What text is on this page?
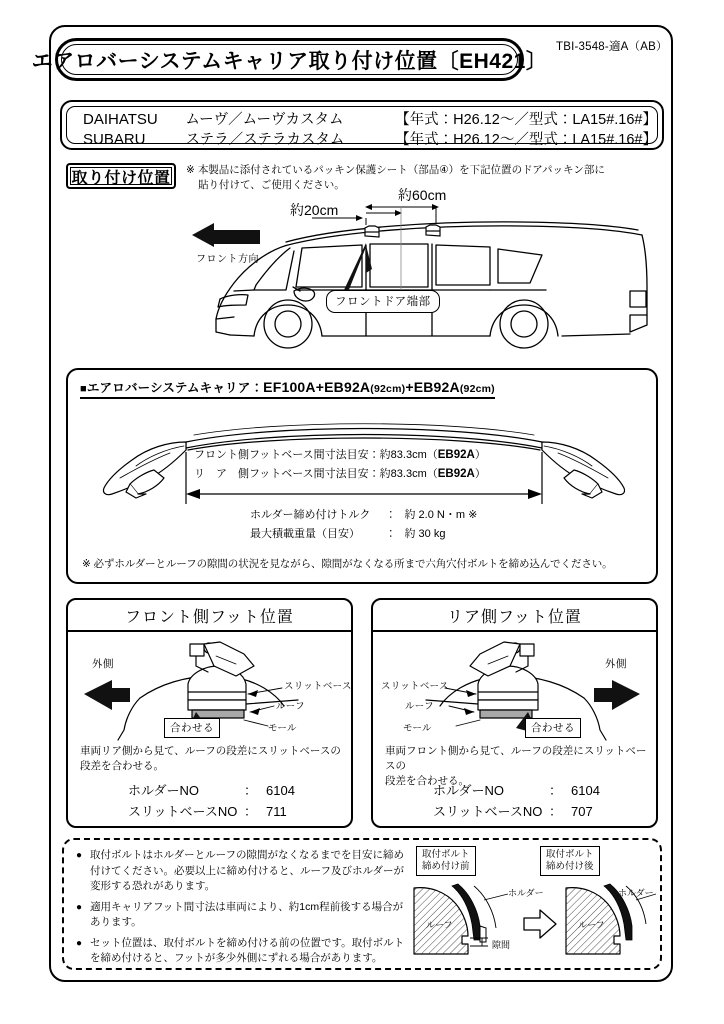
エアロバーシステムキャリア取り付け位置〔EH421〕
TBI-3548-適A（AB）
DAIHATSU	ムーヴ／ムーヴカスタム	【年式：H26.12～／型式：LA15#.16#】
SUBARU	ステラ／ステラカスタム	【年式：H26.12～／型式：LA15#.16#】
取り付け位置 ※ 本製品に添付されているパッキン保護シート（部品④）を下記位置のドアパッキン部に
貼り付けて、ご使用ください。
フロント方向
約20cm
約60cm
フロントドア端部
■エアロバーシステムキャリア：EF100A+EB92A(92cm)+EB92A(92cm)
フロント側フットベース間寸法目安：約83.3cm（EB92A）
リ　ア　側フットベース間寸法目安：約83.3cm（EB92A）
ホルダー締め付けトルク ：　約 2.0 N・m ※
最大積載重量（目安）	：　約 30 kg
※ 必ずホルダーとルーフの隙間の状況を見ながら、隙間がなくなる所まで六角穴付ボルトを締め込んでください。
フロント側フット位置
外側
スリットベース
ルーフ
モール
合わせる
車両リア側から見て、ルーフの段差にスリットベースの
段差を合わせる。
ホルダーNO	： 6104
スリットベースNO ： 711
リア側フット位置
外側
スリットベース
ルーフ
モール	合わせる
車両フロント側から見て、ルーフの段差にスリットベースの
段差を合わせる。
ホルダーNO	： 6104
スリットベースNO ： 707
● 取付ボルトはホルダーとルーフの隙間がなくなるまでを目安に締め付けてください。必要以上に締め付けると、ルーフ及びホルダーが変形する恐れがあります。
● 適用キャリアフット間寸法は車両により、約1cm程前後する場合があります。
● セット位置は、取付ボルトを締め付ける前の位置です。取付ボルトを締め付けると、フットが多少外側にずれる場合があります。
取付ボルト
締め付け前
取付ボルト
締め付け後
ホルダー	ホルダー
ルーフ	ルーフ
隙間
